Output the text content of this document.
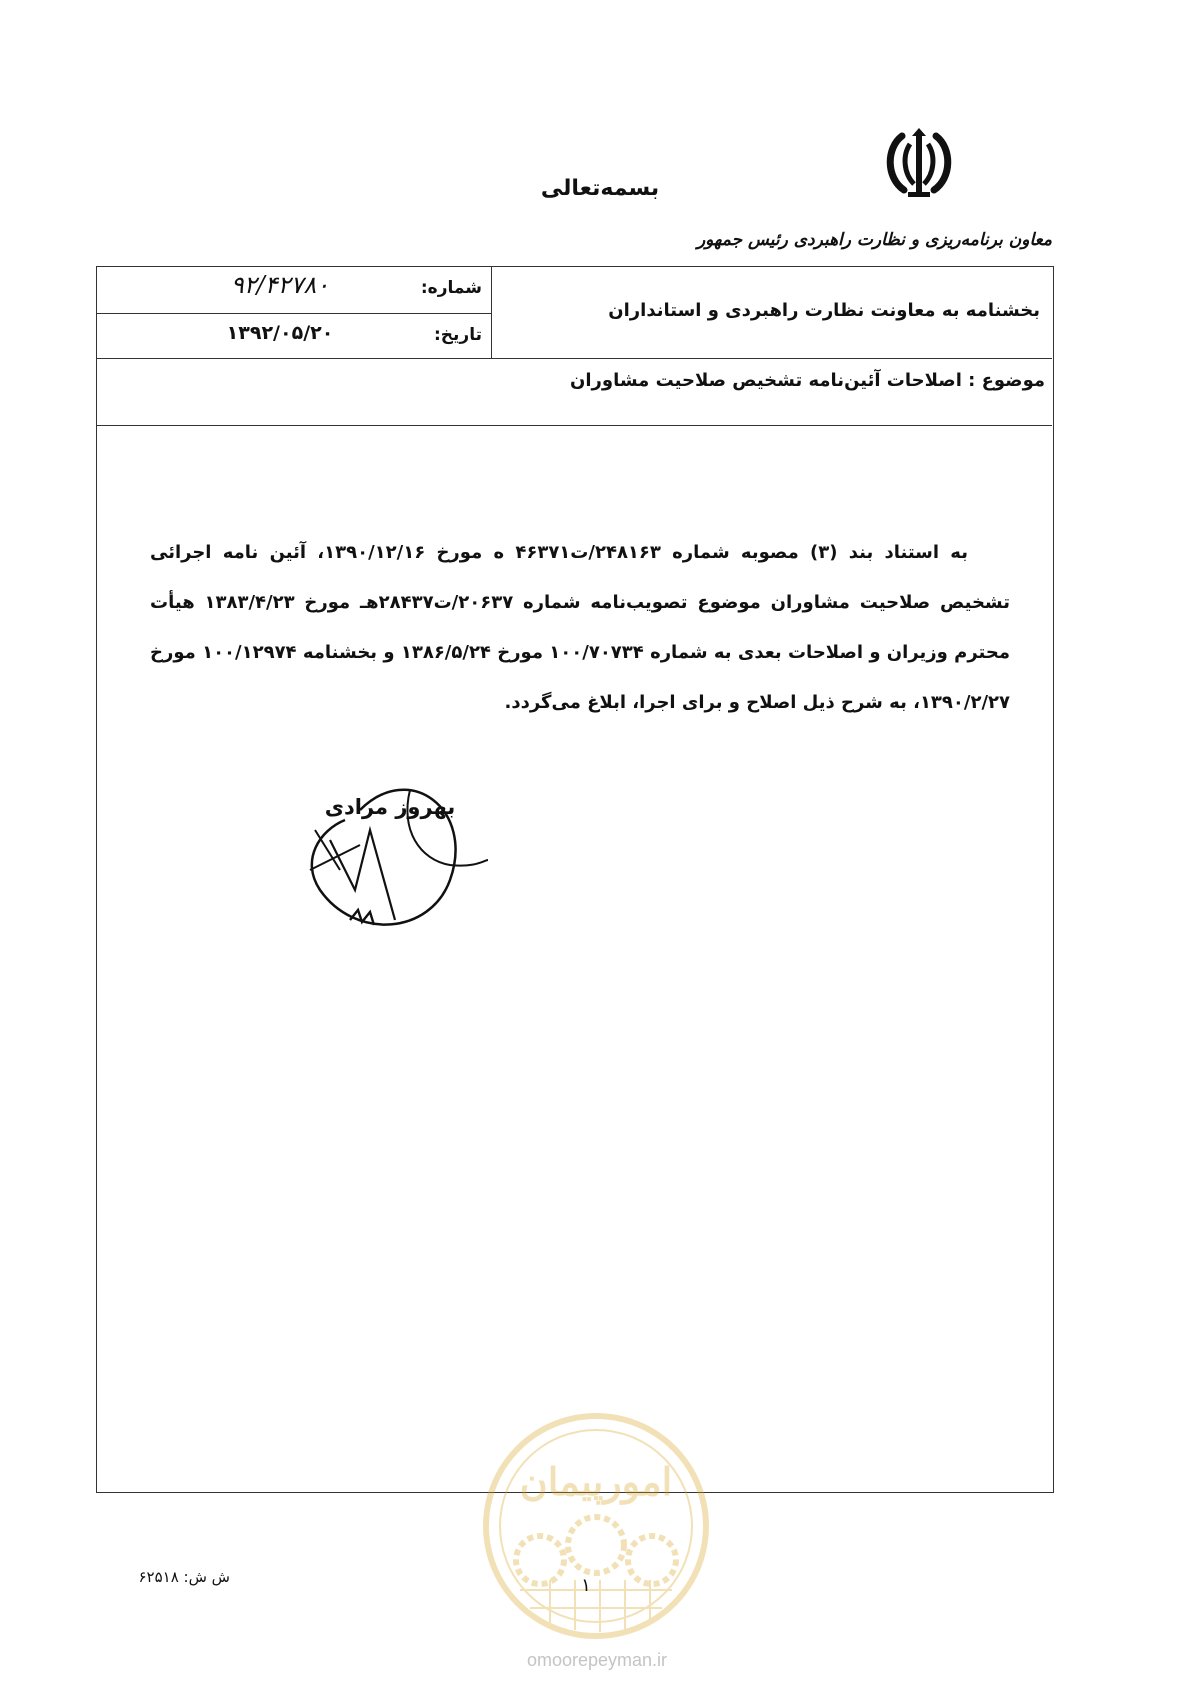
بسمه‌تعالی
معاون برنامه‌ریزی و نظارت راهبردی رئیس جمهور
شماره:
۹۲/۴۲۷۸۰
تاریخ:
۱۳۹۲/۰۵/۲۰
بخشنامه به معاونت نظارت راهبردی و استانداران
موضوع : اصلاحات آئین‌نامه تشخیص صلاحیت مشاوران
به استناد بند (۳) مصوبه شماره ۲۴۸۱۶۳/ت۴۶۳۷۱ ه مورخ ۱۳۹۰/۱۲/۱۶، آئین نامه اجرائی تشخیص صلاحیت مشاوران موضوع تصویب‌نامه شماره ۲۰۶۳۷/ت۲۸۴۳۷هـ مورخ ۱۳۸۳/۴/۲۳ هیأت محترم وزیران و اصلاحات بعدی به شماره ۱۰۰/۷۰۷۳۴ مورخ ۱۳۸۶/۵/۲۴ و بخشنامه ۱۰۰/۱۲۹۷۴ مورخ ۱۳۹۰/۲/۲۷، به شرح ذیل اصلاح و برای اجرا، ابلاغ می‌گردد.
بهروز مرادی
امورپیمان
۱
ش ش: ۶۲۵۱۸
omoorepeyman.ir
